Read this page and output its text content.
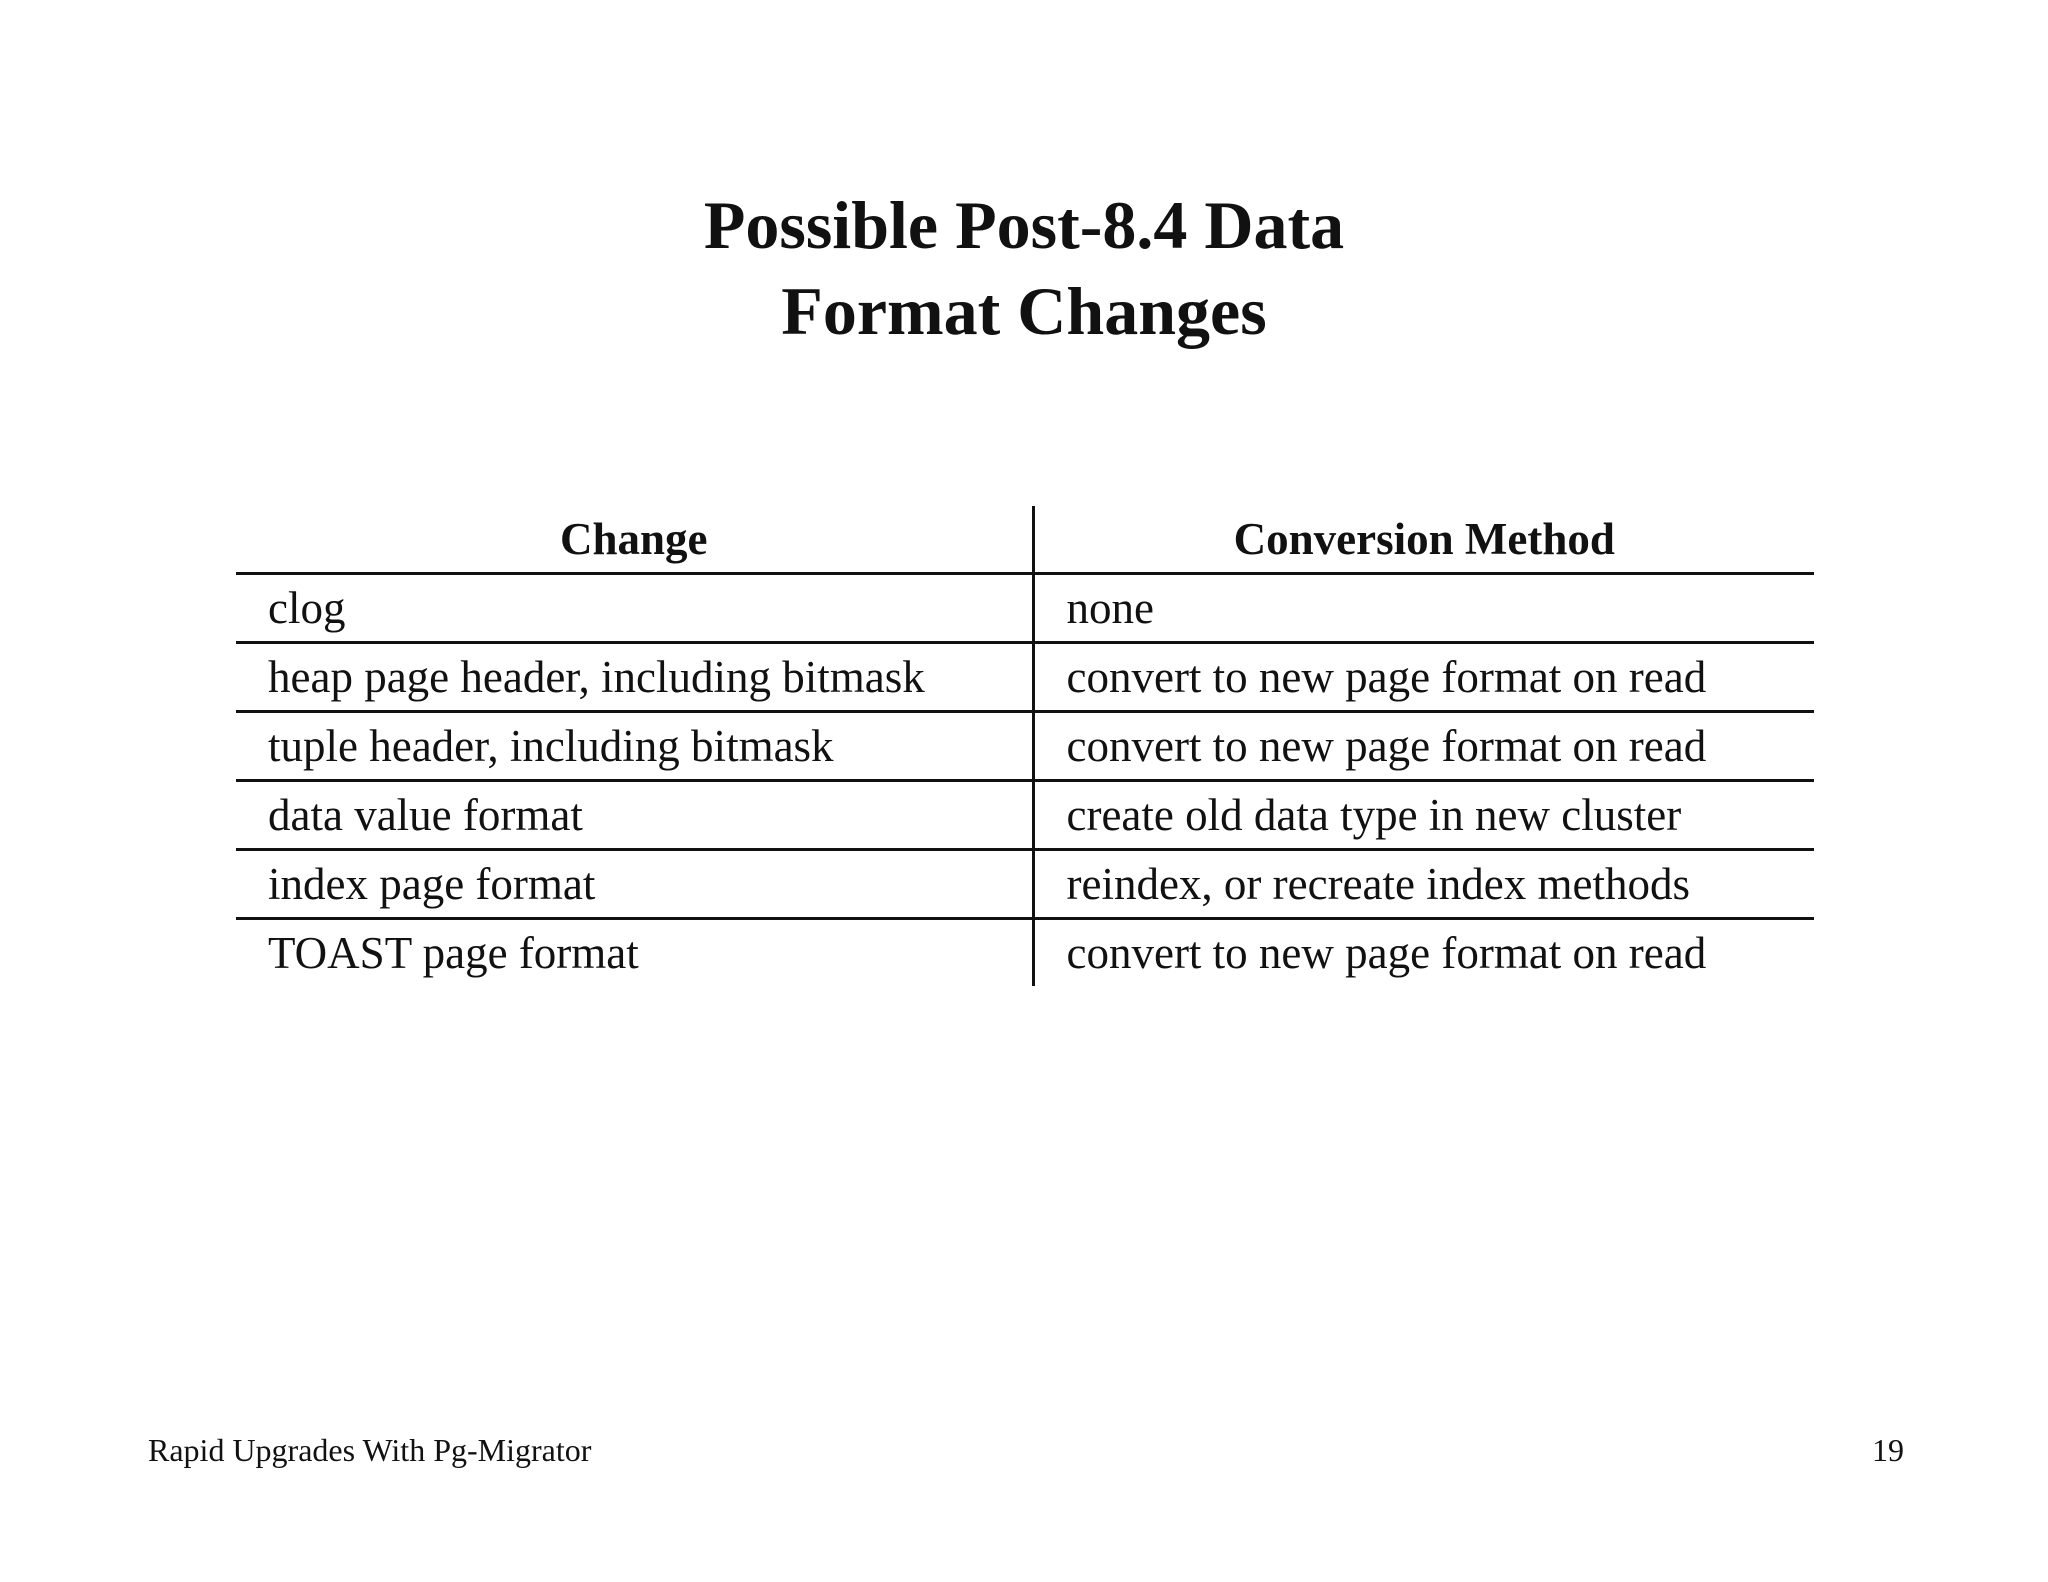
Possible Post-8.4 Data
Format Changes
Change	Conversion Method
clog	none
heap page header, including bitmask	convert to new page format on read
tuple header, including bitmask	convert to new page format on read
data value format	create old data type in new cluster
index page format	reindex, or recreate index methods
TOAST page format	convert to new page format on read
Rapid Upgrades With Pg-Migrator	19
